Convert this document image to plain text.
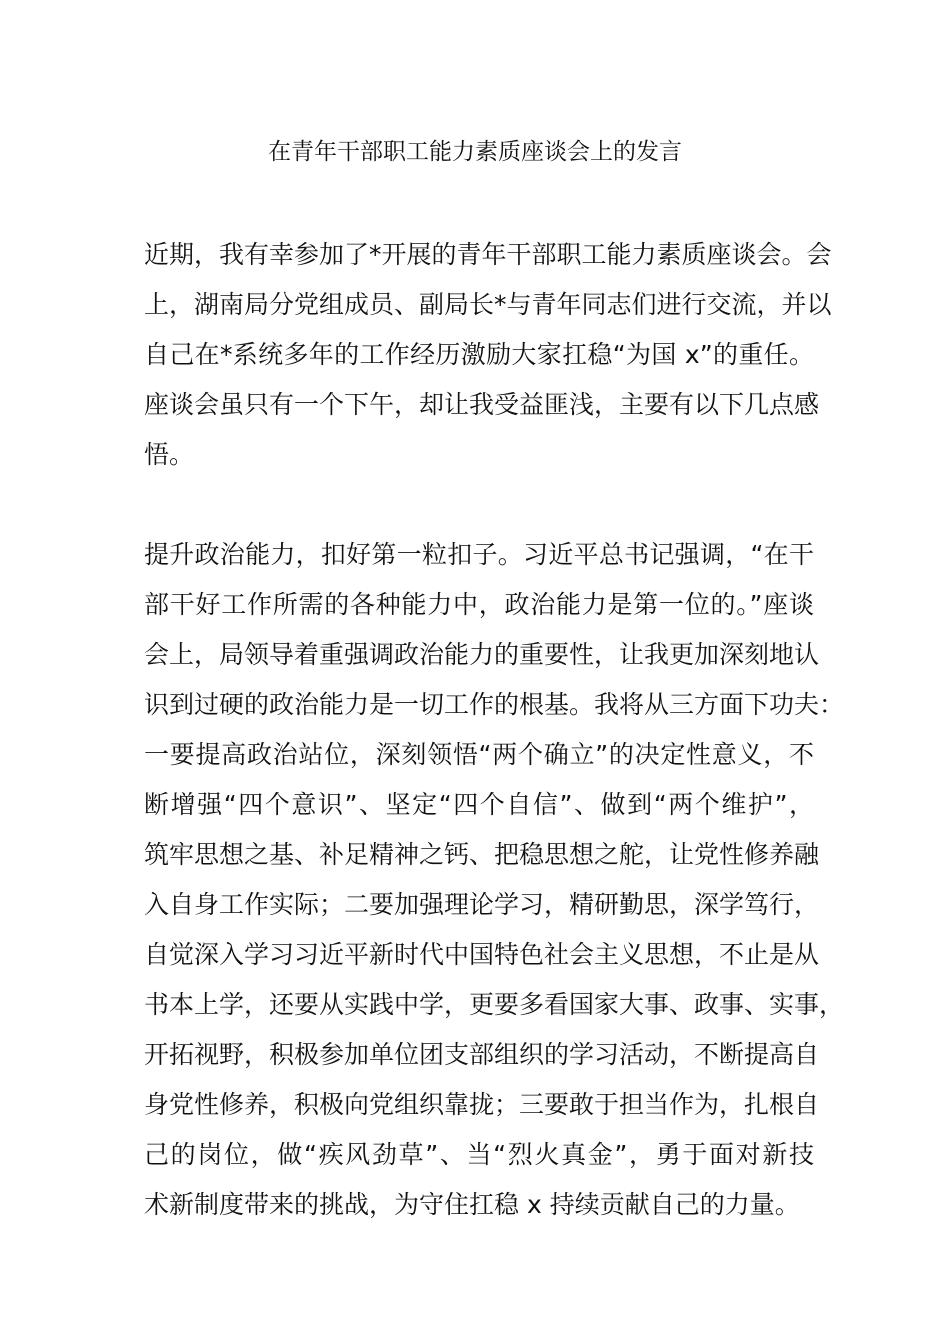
在青年干部职工能力素质座谈会上的发言
近期，我有幸参加了*开展的青年干部职工能力素质座谈会。会
上，湖南局分党组成员、副局长*与青年同志们进行交流，并以
自己在*系统多年的工作经历激励大家扛稳“为国 x”的重任。
座谈会虽只有一个下午，却让我受益匪浅，主要有以下几点感
悟。
提升政治能力，扣好第一粒扣子。习近平总书记强调，“在干
部干好工作所需的各种能力中，政治能力是第一位的。”座谈
会上，局领导着重强调政治能力的重要性，让我更加深刻地认
识到过硬的政治能力是一切工作的根基。我将从三方面下功夫：
一要提高政治站位，深刻领悟“两个确立”的决定性意义，不
断增强“四个意识”、坚定“四个自信”、做到“两个维护”，
筑牢思想之基、补足精神之钙、把稳思想之舵，让党性修养融
入自身工作实际；二要加强理论学习，精研勤思，深学笃行，
自觉深入学习习近平新时代中国特色社会主义思想，不止是从
书本上学，还要从实践中学，更要多看国家大事、政事、实事，
开拓视野，积极参加单位团支部组织的学习活动，不断提高自
身党性修养，积极向党组织靠拢；三要敢于担当作为，扎根自
己的岗位，做“疾风劲草”、当“烈火真金”，勇于面对新技
术新制度带来的挑战，为守住扛稳 x 持续贡献自己的力量。
